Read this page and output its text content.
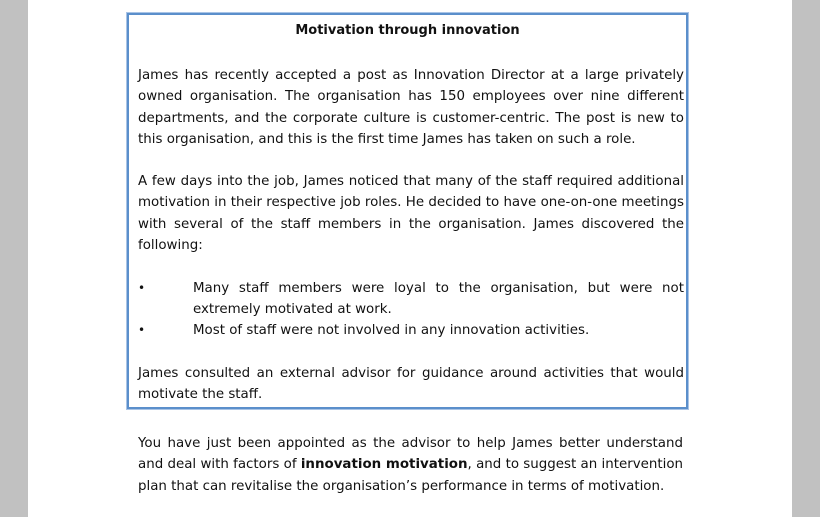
Motivation through innovation

James has recently accepted a post as Innovation Director at a large privately owned organisation. The organisation has 150 employees over nine different departments, and the corporate culture is customer-centric. The post is new to this organisation, and this is the first time James has taken on such a role.

A few days into the job, James noticed that many of the staff required additional motivation in their respective job roles. He decided to have one-on-one meetings with several of the staff members in the organisation. James discovered the following:

•	Many staff members were loyal to the organisation, but were not extremely motivated at work.
•	Most of staff were not involved in any innovation activities.

James consulted an external advisor for guidance around activities that would motivate the staff.

You have just been appointed as the advisor to help James better understand and deal with factors of innovation motivation, and to suggest an intervention plan that can revitalise the organisation’s performance in terms of motivation.
